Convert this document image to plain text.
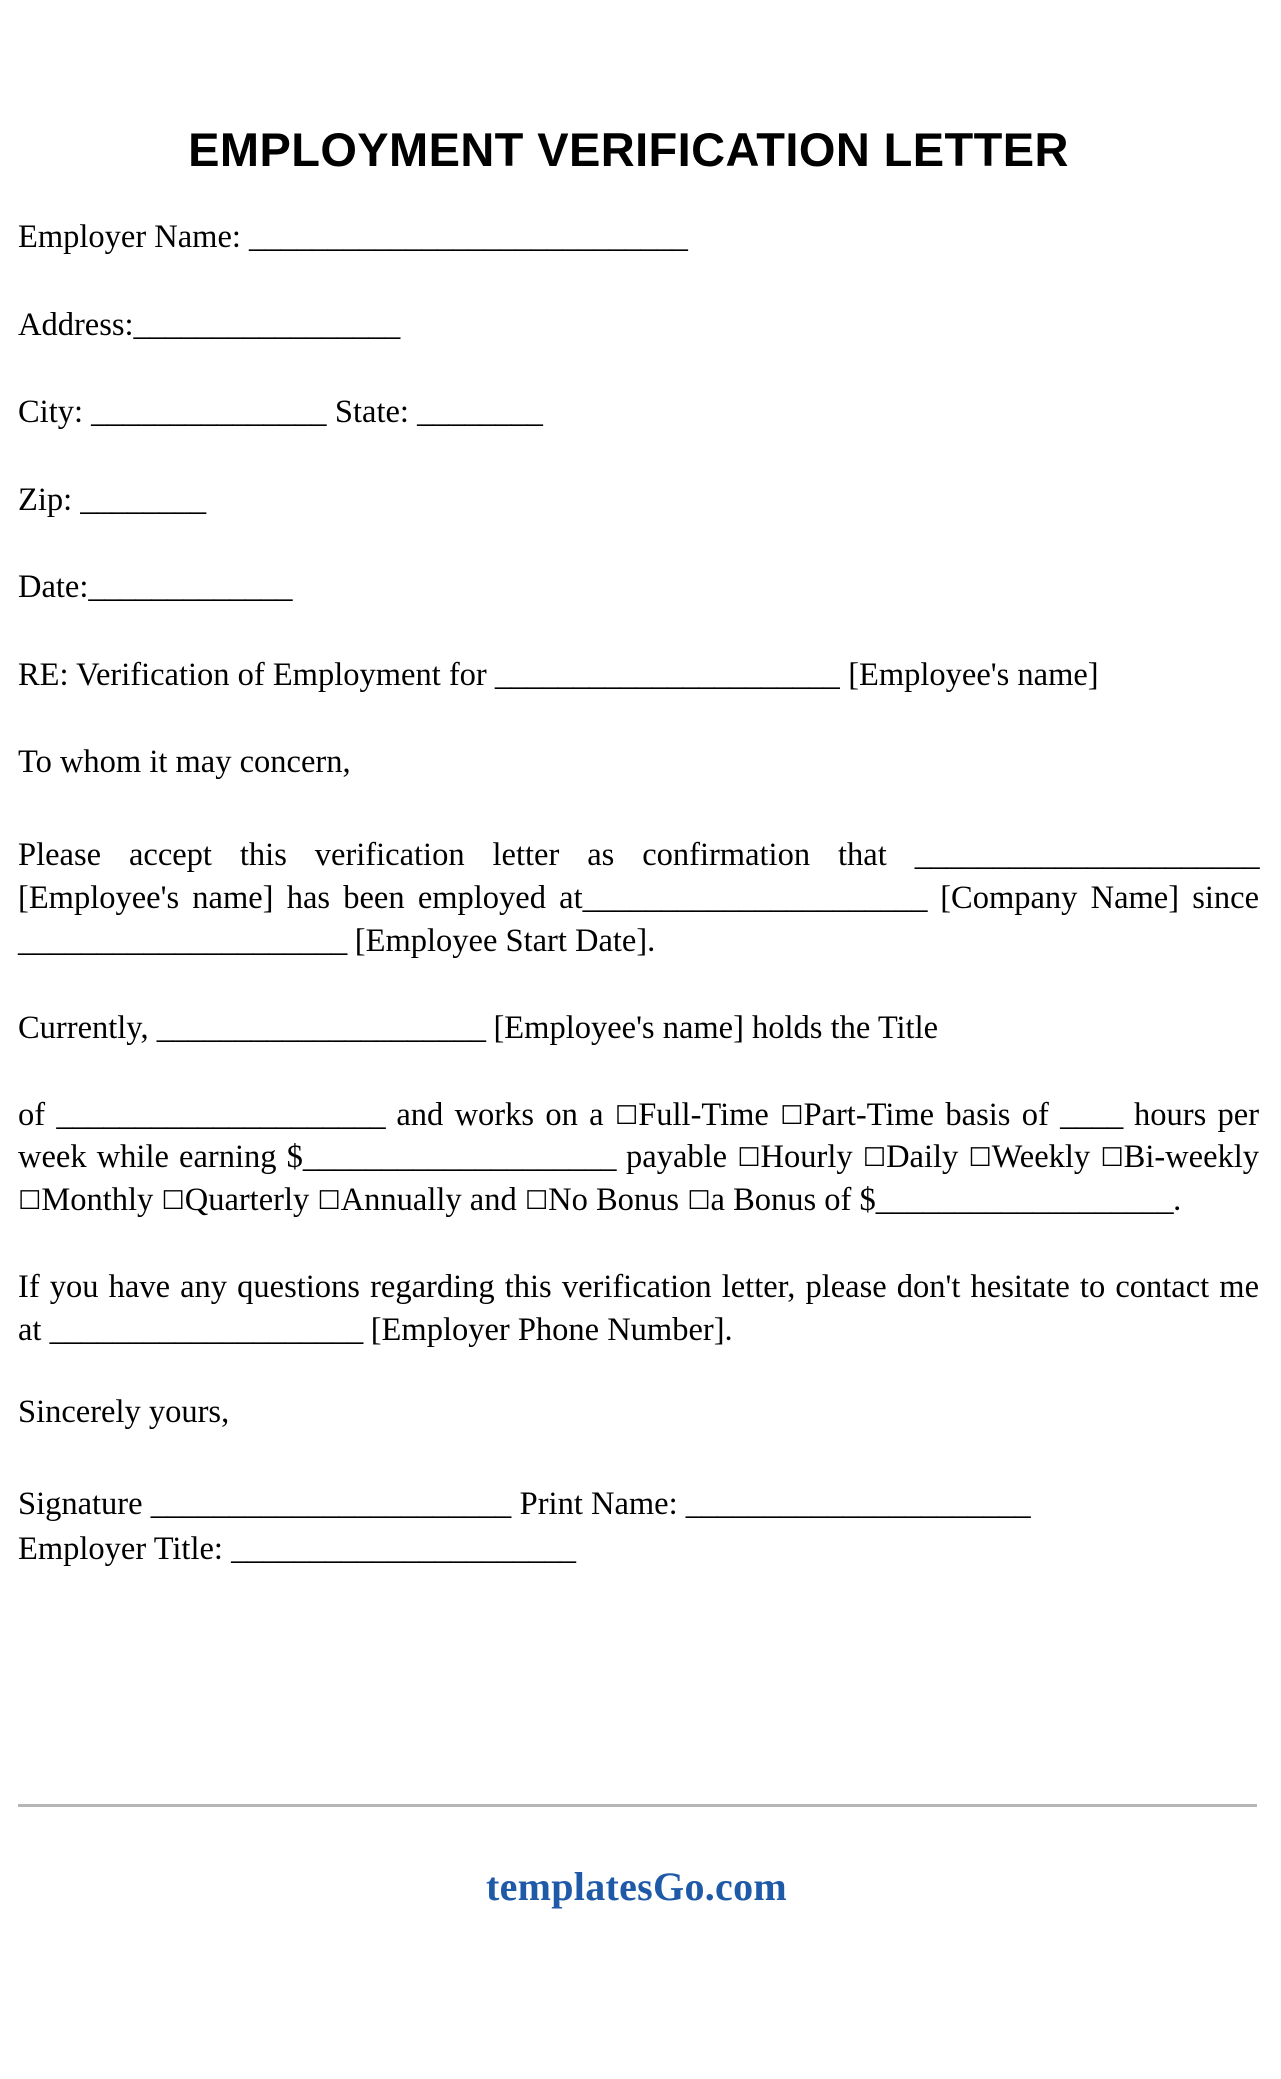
EMPLOYMENT VERIFICATION LETTER
Employer Name: ____________________________
Address:_________________
City: _______________ State: ________
Zip: ________
Date:_____________
RE: Verification of Employment for ______________________ [Employee's name]
To whom it may concern,
Please accept this verification letter as confirmation that ______________________ [Employee's name] has been employed at______________________ [Company Name] since _____________________ [Employee Start Date].
Currently, _____________________ [Employee's name] holds the Title
of _____________________ and works on a ☐Full-Time ☐Part-Time basis of ____ hours per week while earning $____________________ payable ☐Hourly ☐Daily ☐Weekly ☐Bi-weekly ☐Monthly ☐Quarterly ☐Annually and ☐No Bonus ☐a Bonus of $___________________.
If you have any questions regarding this verification letter, please don't hesitate to contact me at ____________________ [Employer Phone Number].
Sincerely yours,
Signature _______________________ Print Name: ______________________
Employer Title: ______________________
templatesGo.com
